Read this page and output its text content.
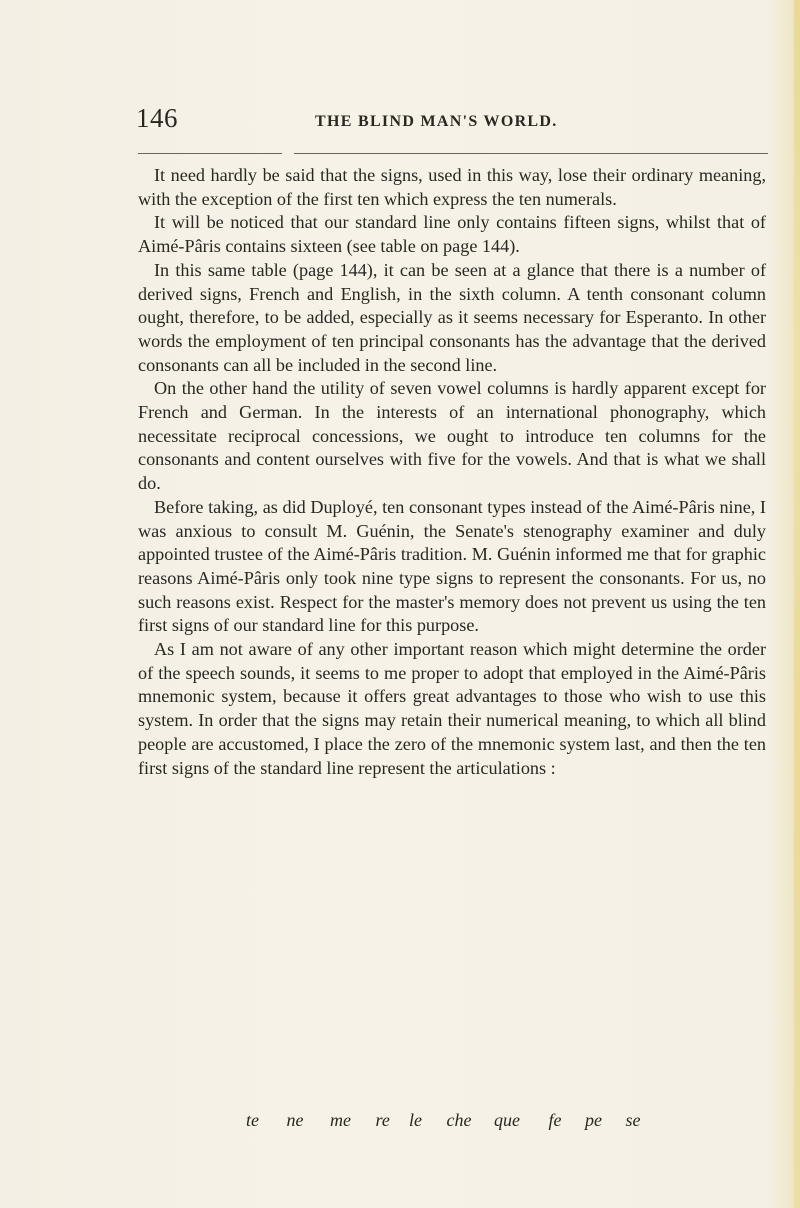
146	THE BLIND MAN'S WORLD.

It need hardly be said that the signs, used in this way, lose their ordinary meaning, with the exception of the first ten which express the ten numerals.

It will be noticed that our standard line only contains fifteen signs, whilst that of Aimé-Pâris contains sixteen (see table on page 144).

In this same table (page 144), it can be seen at a glance that there is a number of derived signs, French and English, in the sixth column. A tenth consonant column ought, therefore, to be added, especially as it seems necessary for Esperanto. In other words the employment of ten principal consonants has the advantage that the derived consonants can all be included in the second line.

On the other hand the utility of seven vowel columns is hardly apparent except for French and German. In the interests of an international phonography, which necessitate reciprocal concessions, we ought to introduce ten columns for the consonants and content ourselves with five for the vowels. And that is what we shall do.

Before taking, as did Duployé, ten consonant types instead of the Aimé-Pâris nine, I was anxious to consult M. Guénin, the Senate's stenography examiner and duly appointed trustee of the Aimé-Pâris tradition. M. Guénin informed me that for graphic reasons Aimé-Pâris only took nine type signs to represent the consonants. For us, no such reasons exist. Respect for the master's memory does not prevent us using the ten first signs of our standard line for this purpose.

As I am not aware of any other important reason which might determine the order of the speech sounds, it seems to me proper to adopt that employed in the Aimé-Pâris mnemonic system, because it offers great advantages to those who wish to use this system. In order that the signs may retain their numerical meaning, to which all blind people are accustomed, I place the zero of the mnemonic system last, and then the ten first signs of the standard line represent the articulations :

te ne me re le che que fe pe se
